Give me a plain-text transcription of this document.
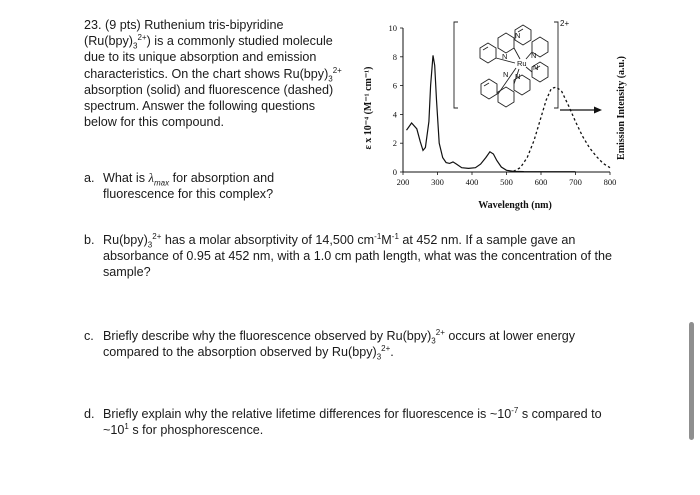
23. (9 pts) Ruthenium tris-bipyridine
$(Ru(bpy)_3^{2+})$ is a commonly studied molecule
due to its unique absorption and emission
characteristics. On the chart shows $Ru(bpy)_3^{2+}$
absorption (solid) and fluorescence (dashed)
spectrum. Answer the following questions
below for this compound.
a. What is $\lambda_{max}$ for absorption and
fluorescence for this complex?
b. $Ru(bpy)_3^{2+}$ has a molar absorptivity of 14,500 $cm^{-1}M^{-1}$ at 452 nm. If a sample gave an
absorbance of 0.95 at 452 nm, with a 1.0 cm path length, what was the concentration of the
sample?
c. Briefly describe why the fluorescence observed by $Ru(bpy)_3^{2+}$ occurs at lower energy
compared to the absorption observed by $Ru(bpy)_3^{2+}$.
d. Briefly explain why the relative lifetime differences for fluorescence is $\sim 10^{-7}$ s compared to
$\sim 10^1$ s for phosphorescence.
200	300	400	500	600	700	800
0
2
4
6
8
10
Wavelength (nm)
ε x 10⁻⁴ (M⁻¹ cm⁻¹)	Emission Intensity (a.u.)
N
N	N
Ru N
N N
2+
